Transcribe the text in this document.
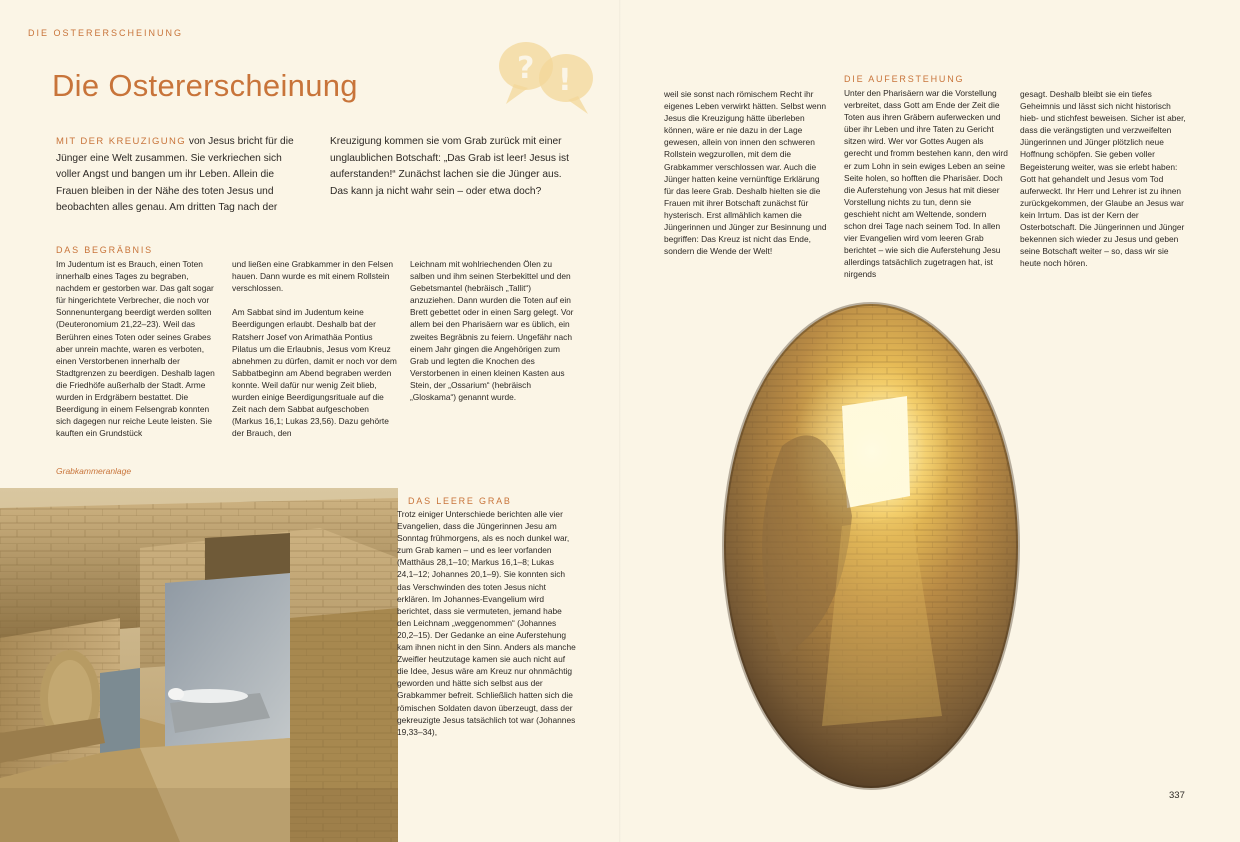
DIE OSTERERSCHEINUNG
Die Ostererscheinung	? !
MIT DER KREUZIGUNG von Jesus bricht für die Jünger eine Welt zusammen. Sie verkriechen sich voller Angst und bangen um ihr Leben. Allein die Frauen bleiben in der Nähe des toten Jesus und beobachten alles genau. Am dritten Tag nach der
Kreuzigung kommen sie vom Grab zurück mit einer unglaublichen Botschaft: „Das Grab ist leer! Jesus ist auferstanden!“ Zunächst lachen sie die Jünger aus. Das kann ja nicht wahr sein – oder etwa doch?
DAS BEGRÄBNIS
Im Judentum ist es Brauch, einen Toten innerhalb eines Tages zu begraben, nachdem er gestorben war. Das galt sogar für hingerichtete Verbrecher, die noch vor Sonnenuntergang beerdigt werden sollten (Deuteronomium 21,22–23). Weil das Berühren eines Toten oder seines Grabes aber unrein machte, waren es verboten, einen Verstorbenen innerhalb der Stadtgrenzen zu beerdigen. Deshalb lagen die Friedhöfe außerhalb der Stadt. Arme wurden in Erdgräbern bestattet. Die Beerdigung in einem Felsengrab konnten sich dagegen nur reiche Leute leisten. Sie kauften ein Grundstück
und ließen eine Grabkammer in den Felsen hauen. Dann wurde es mit einem Rollstein verschlossen.

Am Sabbat sind im Judentum keine Beerdigungen erlaubt. Deshalb bat der Ratsherr Josef von Arimathäa Pontius Pilatus um die Erlaubnis, Jesus vom Kreuz abnehmen zu dürfen, damit er noch vor dem Sabbatbeginn am Abend begraben werden konnte. Weil dafür nur wenig Zeit blieb, wurden einige Beerdigungsrituale auf die Zeit nach dem Sabbat aufgeschoben (Markus 16,1; Lukas 23,56). Dazu gehörte der Brauch, den
Leichnam mit wohlriechenden Ölen zu salben und ihm seinen Sterbekittel und den Gebetsmantel (hebräisch „Tallit“) anzuziehen. Dann wurden die Toten auf ein Brett gebettet oder in einen Sarg gelegt. Vor allem bei den Pharisäern war es üblich, ein zweites Begräbnis zu feiern. Ungefähr nach einem Jahr gingen die Angehörigen zum Grab und legten die Knochen des Verstorbenen in einen kleinen Kasten aus Stein, der „Ossarium“ (hebräisch „Gloskama“) genannt wurde.
Grabkammeranlage
DAS LEERE GRAB
Trotz einiger Unterschiede berichten alle vier Evangelien, dass die Jüngerinnen Jesu am Sonntag frühmorgens, als es noch dunkel war, zum Grab kamen – und es leer vorfanden (Matthäus 28,1–10; Markus 16,1–8; Lukas 24,1–12; Johannes 20,1–9). Sie konnten sich das Verschwinden des toten Jesus nicht erklären. Im Johannes-Evangelium wird berichtet, dass sie vermuteten, jemand habe den Leichnam „weggenommen“ (Johannes 20,2–15). Der Gedanke an eine Auferstehung kam ihnen nicht in den Sinn. Anders als manche Zweifler heutzutage kamen sie auch nicht auf die Idee, Jesus wäre am Kreuz nur ohnmächtig geworden und hätte sich selbst aus der Grabkammer befreit. Schließlich hatten sich die römischen Soldaten davon überzeugt, dass der gekreuzigte Jesus tatsächlich tot war (Johannes 19,33–34),
weil sie sonst nach römischem Recht ihr eigenes Leben verwirkt hätten. Selbst wenn Jesus die Kreuzigung hätte überleben können, wäre er nie dazu in der Lage gewesen, allein von innen den schweren Rollstein wegzurollen, mit dem die Grabkammer verschlossen war. Auch die Jünger hatten keine vernünftige Erklärung für das leere Grab. Deshalb hielten sie die Frauen mit ihrer Botschaft zunächst für hysterisch. Erst allmählich kamen die Jüngerinnen und Jünger zur Besinnung und begriffen: Das Kreuz ist nicht das Ende, sondern die Wende der Welt!
DIE AUFERSTEHUNG
Unter den Pharisäern war die Vorstellung verbreitet, dass Gott am Ende der Zeit die Toten aus ihren Gräbern auferwecken und über ihr Leben und ihre Taten zu Gericht sitzen wird. Wer vor Gottes Augen als gerecht und fromm bestehen kann, den wird er zum Lohn in sein ewiges Leben an seine Seite holen, so hofften die Pharisäer. Doch die Auferstehung von Jesus hat mit dieser Vorstellung nichts zu tun, denn sie geschieht nicht am Weltende, sondern schon drei Tage nach seinem Tod. In allen vier Evangelien wird vom leeren Grab berichtet – wie sich die Auferstehung Jesu allerdings tatsächlich zugetragen hat, ist nirgends
gesagt. Deshalb bleibt sie ein tiefes Geheimnis und lässt sich nicht historisch hieb- und stichfest beweisen. Sicher ist aber, dass die verängstigten und verzweifelten Jüngerinnen und Jünger plötzlich neue Hoffnung schöpfen. Sie geben voller Begeisterung weiter, was sie erlebt haben: Gott hat gehandelt und Jesus vom Tod auferweckt. Ihr Herr und Lehrer ist zu ihnen zurückgekommen, der Glaube an Jesus war kein Irrtum. Das ist der Kern der Osterbotschaft. Die Jüngerinnen und Jünger bekennen sich wieder zu Jesus und geben seine Botschaft weiter – so, dass wir sie heute noch hören.
337
